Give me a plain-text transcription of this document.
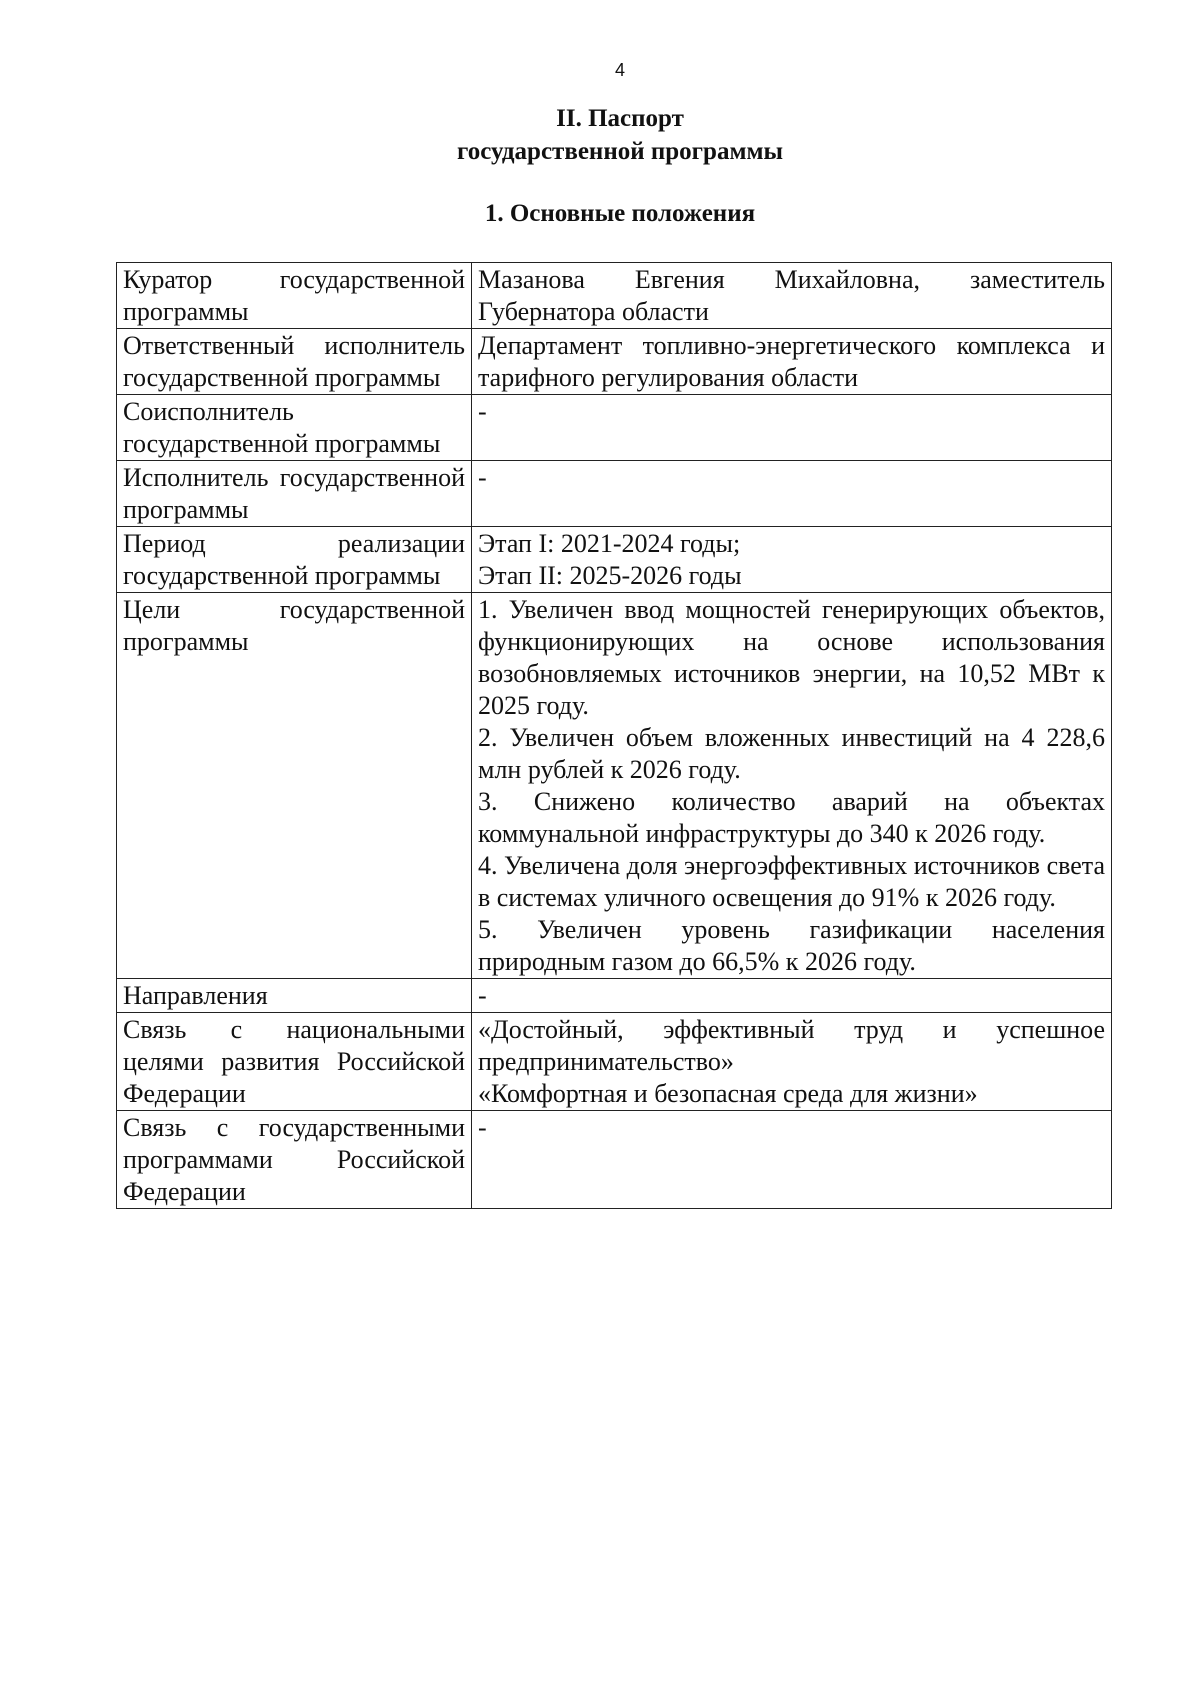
4
II. Паспорт
государственной программы
1. Основные положения
Куратор государственной программы	Мазанова Евгения Михайловна, заместитель Губернатора области

Ответственный исполнитель государственной программы	Департамент топливно-энергетического комплекса и тарифного регулирования области

Соисполнитель государственной программы	-

Исполнитель государственной программы	-

Период реализации государственной программы	Этап I: 2021-2024 годы;
Этап II: 2025-2026 годы

Цели государственной программы	1. Увеличен ввод мощностей генерирующих объектов, функционирующих на основе использования возобновляемых источников энергии, на 10,52 МВт к 2025 году.
2. Увеличен объем вложенных инвестиций на 4 228,6 млн рублей к 2026 году.
3. Снижено количество аварий на объектах коммунальной инфраструктуры до 340 к 2026 году.
4. Увеличена доля энергоэффективных источников света в системах уличного освещения до 91% к 2026 году.
5. Увеличен уровень газификации населения природным газом до 66,5% к 2026 году.

Направления	-

Связь с национальными целями развития Российской Федерации	«Достойный, эффективный труд и успешное предпринимательство»
«Комфортная и безопасная среда для жизни»

Связь с государственными программами Российской Федерации	-
